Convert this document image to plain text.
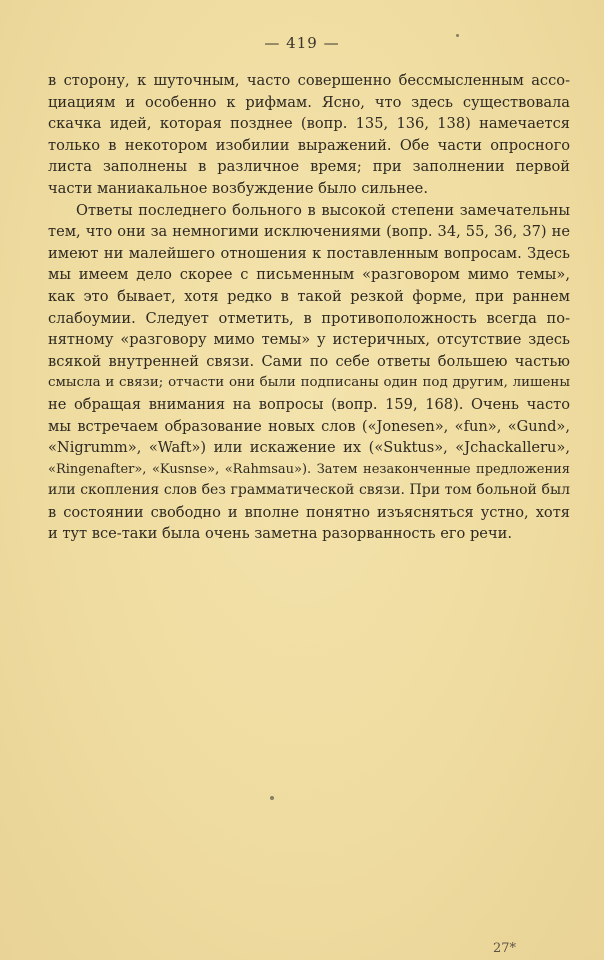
— 419 —
в сторону, к шуточным, часто совершенно бессмысленным ассо-
циациям и особенно к рифмам. Ясно, что здесь существовала
скачка идей, которая позднее (вопр. 135, 136, 138) намечается
только в некотором изобилии выражений. Обе части опросного
листа заполнены в различное время; при заполнении первой
части маниакальное возбуждение было сильнее.
Ответы последнего больного в высокой степени замечательны
тем, что они за немногими исключениями (вопр. 34, 55, 36, 37) не
имеют ни малейшего отношения к поставленным вопросам. Здесь
мы имеем дело скорее с письменным «разговором мимо темы»,
как это бывает, хотя редко в такой резкой форме, при раннем
слабоумии. Следует отметить, в противоположность всегда по-
нятному «разговору мимо темы» у истеричных, отсутствие здесь
всякой внутренней связи. Сами по себе ответы большею частью
смысла и связи; отчасти они были подписаны один под другим, лишены
не обращая внимания на вопросы (вопр. 159, 168). Очень часто
мы встречаем образование новых слов («Jonesen», «fun», «Gund»,
«Nigrumm», «Waft») или искажение их («Suktus», «Jchackalleru»,
«Ringenafter», «Kusnse», «Rahmsau»). Затем незаконченные предложения
или скопления слов без грамматической связи. При том больной был
в состоянии свободно и вполне понятно изъясняться устно, хотя
и тут все-таки была очень заметна разорванность его речи.
27*
